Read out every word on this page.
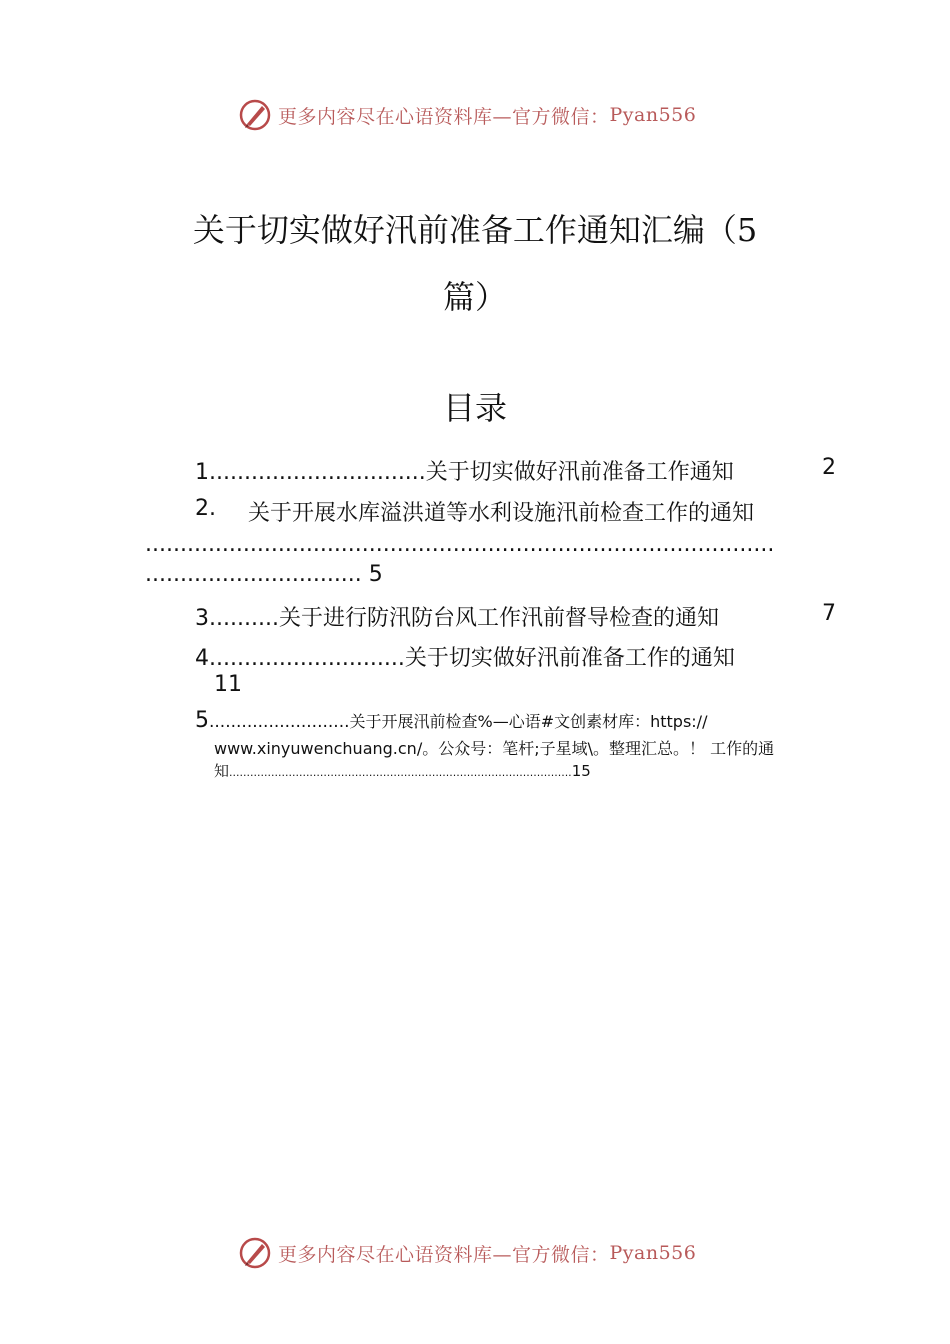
更多内容尽在心语资料库—官方微信： Pyan556
关于切实做好汛前准备工作通知汇编（5
篇）
目录
1...............................关于切实做好汛前准备工作通知	2
2. 关于开展水库溢洪道等水利设施汛前检查工作的通知
..........................................................................................
............................... 5
3..........关于进行防汛防台风工作汛前督导检查的通知	7
4............................关于切实做好汛前准备工作的通知
11
5..........................关于开展汛前检查%—心语#文创素材库：https://
www.xinyuwenchuang.cn/。公众号：笔杆;子星域\。整理汇总。！ 工作的通
知..................................................................................................15
更多内容尽在心语资料库—官方微信： Pyan556
